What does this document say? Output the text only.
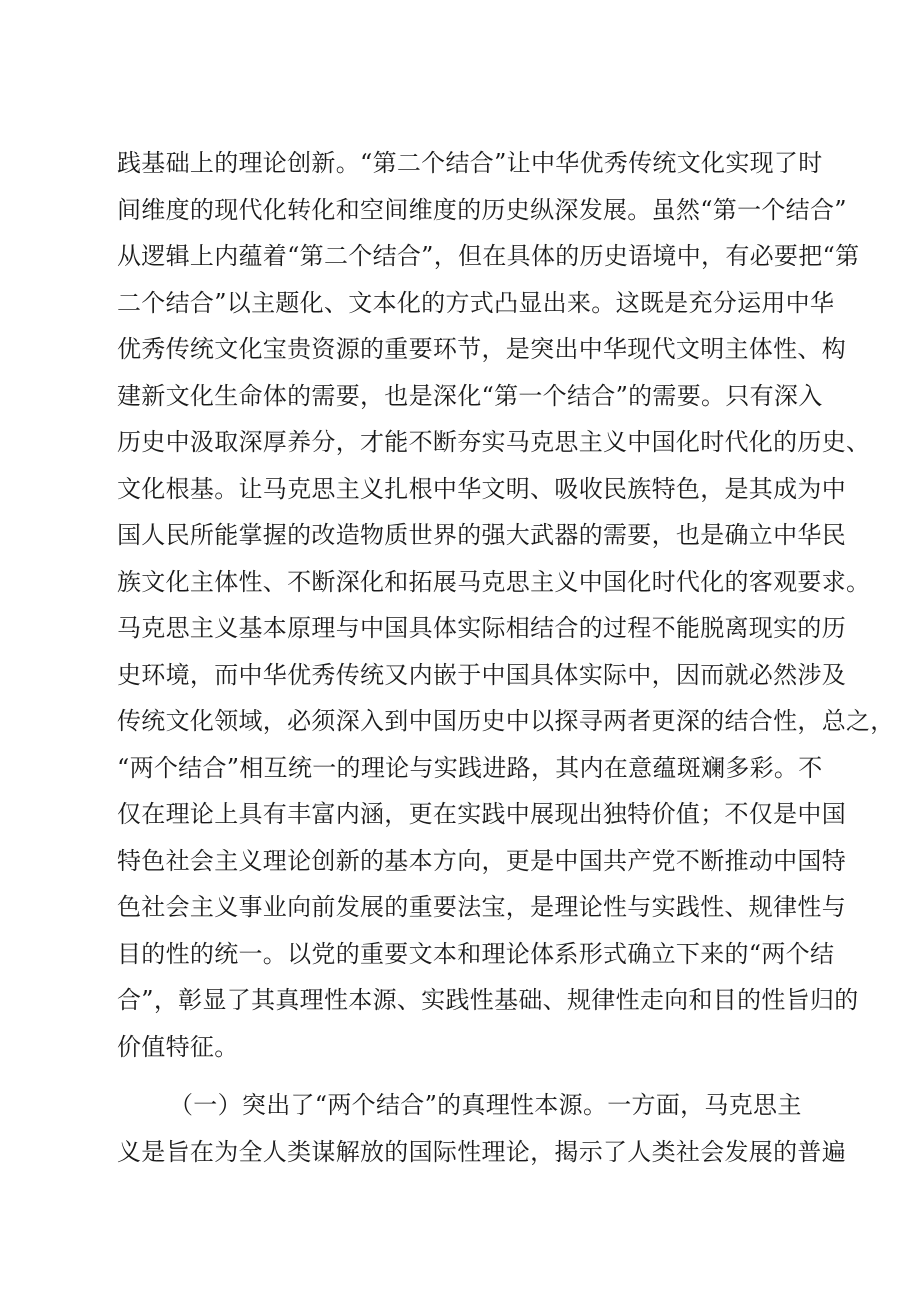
践基础上的理论创新。“第二个结合”让中华优秀传统文化实现了时
间维度的现代化转化和空间维度的历史纵深发展。虽然“第一个结合”
从逻辑上内蕴着“第二个结合”，但在具体的历史语境中，有必要把“第
二个结合”以主题化、文本化的方式凸显出来。这既是充分运用中华
优秀传统文化宝贵资源的重要环节，是突出中华现代文明主体性、构
建新文化生命体的需要，也是深化“第一个结合”的需要。只有深入
历史中汲取深厚养分，才能不断夯实马克思主义中国化时代化的历史、
文化根基。让马克思主义扎根中华文明、吸收民族特色，是其成为中
国人民所能掌握的改造物质世界的强大武器的需要，也是确立中华民
族文化主体性、不断深化和拓展马克思主义中国化时代化的客观要求。
马克思主义基本原理与中国具体实际相结合的过程不能脱离现实的历
史环境，而中华优秀传统又内嵌于中国具体实际中，因而就必然涉及
传统文化领域，必须深入到中国历史中以探寻两者更深的结合性，总之，
“两个结合”相互统一的理论与实践进路，其内在意蕴斑斓多彩。不
仅在理论上具有丰富内涵，更在实践中展现出独特价值；不仅是中国
特色社会主义理论创新的基本方向，更是中国共产党不断推动中国特
色社会主义事业向前发展的重要法宝，是理论性与实践性、规律性与
目的性的统一。以党的重要文本和理论体系形式确立下来的“两个结
合”，彰显了其真理性本源、实践性基础、规律性走向和目的性旨归的
价值特征。
（一）突出了“两个结合”的真理性本源。一方面，马克思主
义是旨在为全人类谋解放的国际性理论，揭示了人类社会发展的普遍
